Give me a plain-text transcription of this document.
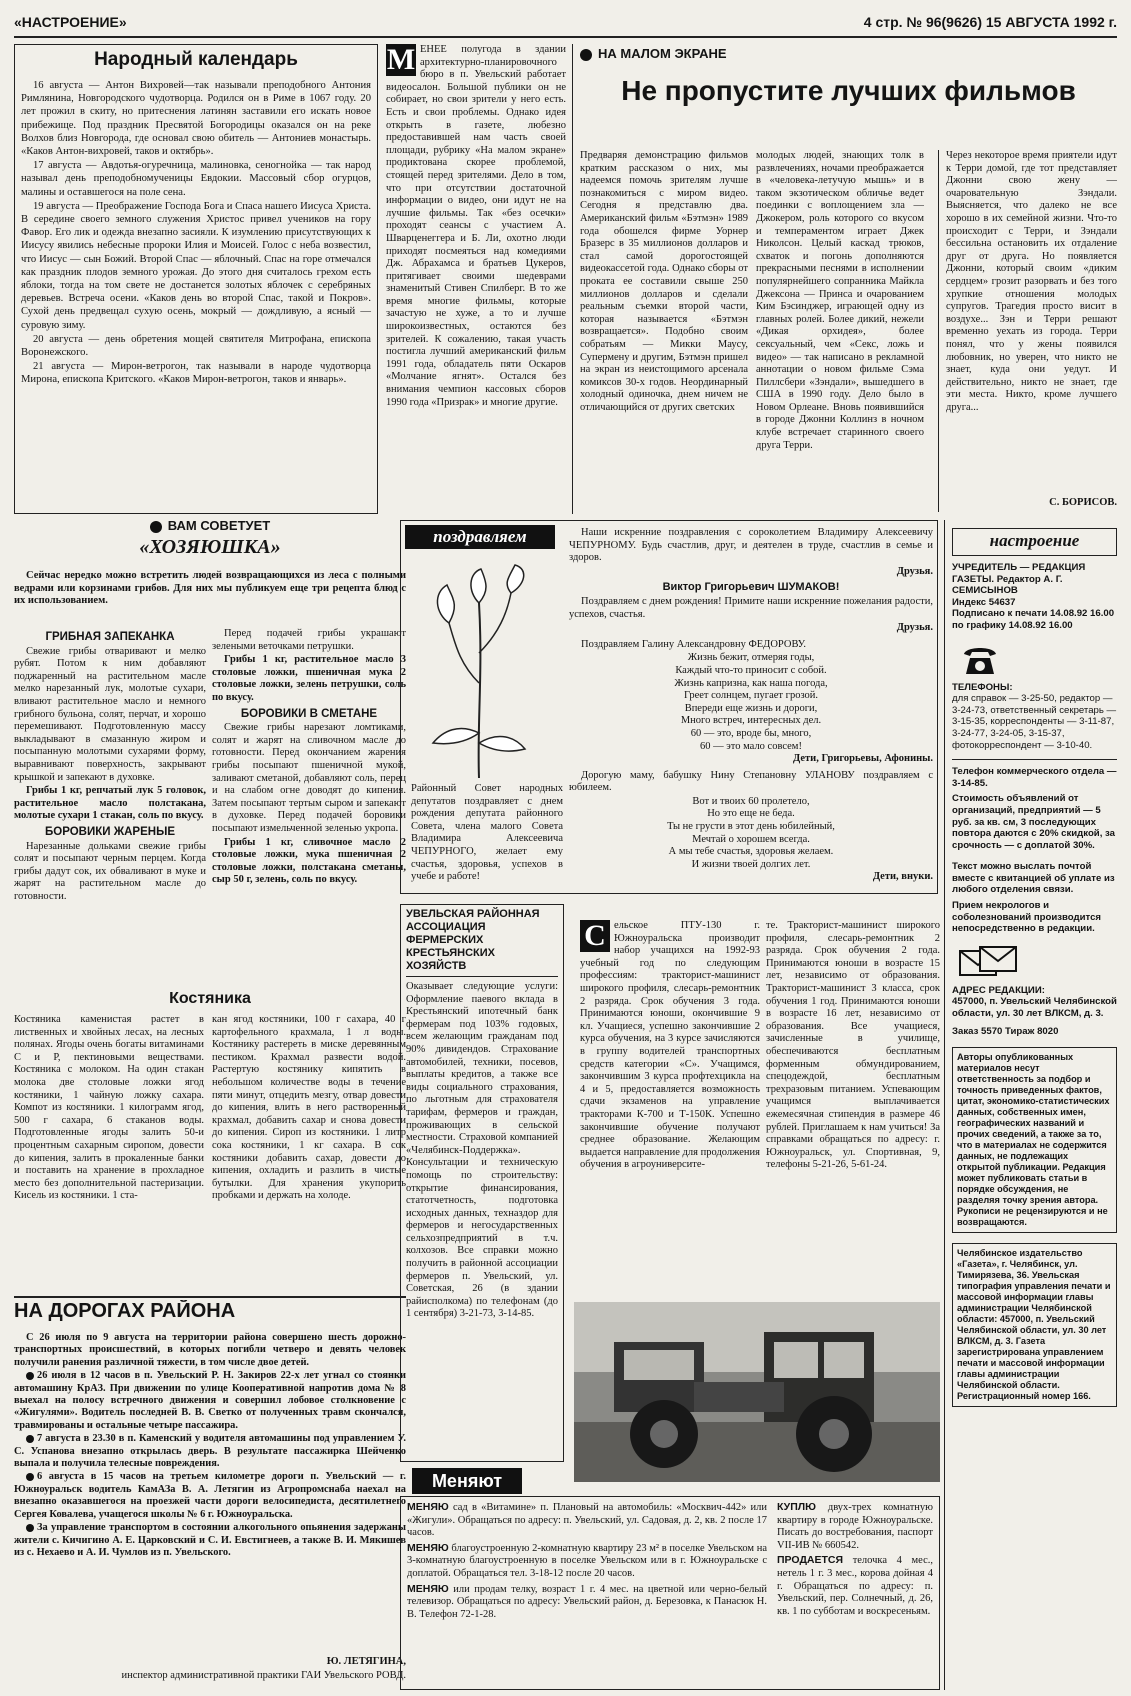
«НАСТРОЕНИЕ»	4 стр. № 96(9626) 15 АВГУСТА 1992 г.
Народный календарь

16 августа — Антон Вихровей—так называли преподобного Антония Римлянина, Новгородского чудотворца. Родился он в Риме в 1067 году. 20 лет прожил в скиту, но притеснения латинян заставили его искать новое прибежище. Под праздник Пресвятой Богородицы оказался он на реке Волхов близ Новгорода, где основал свою обитель — Антониев монастырь. «Каков Антон-вихровей, таков и октябрь».

17 августа — Авдотья-огуречница, малиновка, сеногнойка — так народ называл день преподобномученицы Евдокии. Массовый сбор огурцов, малины и оставшегося на поле сена.

19 августа — Преображение Господа Бога и Спаса нашего Иисуса Христа. В середине своего земного служения Христос привел учеников на гору Фавор. Его лик и одежда внезапно засияли. К изумлению присутствующих к Иисусу явились небесные пророки Илия и Моисей. Голос с неба возвестил, что Иисус — сын Божий. Второй Спас — яблочный. Спас на горе отмечался как праздник плодов земного урожая. До этого дня считалось грехом есть яблоки, тогда на том свете не достанется золотых яблочек с серебряных деревьев. Встреча осени. «Каков день во второй Спас, такой и Покров». Сухой день предвещал сухую осень, мокрый — дождливую, а ясный — суровую зиму.

20 августа — день обретения мощей святителя Митрофана, епископа Воронежского.

21 августа — Мирон-ветрогон, так называли в народе чудотворца Мирона, епископа Критского. «Каков Мирон-ветрогон, таков и январь».

М ЕНЕЕ полугода в здании архитектурно-планировочного бюро в п. Увельский работает видеосалон. Большой публики он не собирает, но свои зрители у него есть. Есть и свои проблемы. Однако идея открыть в газете, любезно предоставившей нам часть своей площади, рубрику «На малом экране» продиктована скорее проблемой, стоящей перед зрителями. Дело в том, что при отсутствии достаточной информации о видео, они идут не на лучшие фильмы. Так «без осечки» проходят сеансы с участием А. Шварценеггера и Б. Ли, охотно люди приходят посмеяться над комедиями Дж. Абрахамса и братьев Цукеров, притягивает своими шедеврами знаменитый Стивен Спилберг. В то же время многие фильмы, которые зачастую не хуже, а то и лучше широкоизвестных, остаются без зрителей. К сожалению, такая участь постигла лучший американский фильм 1991 года, обладатель пяти Оскаров «Молчание ягнят». Остался без внимания чемпион кассовых сборов 1990 года «Призрак» и многие другие.
НА МАЛОМ ЭКРАНЕ
Не пропустите лучших фильмов
Предваряя демонстрацию фильмов кратким рассказом о них, мы надеемся помочь зрителям лучше познакомиться с миром видео. Сегодня я представлю два. Американский фильм «Бэтмэн» 1989 года обошелся фирме Уорнер Бразерс в 35 миллионов долларов и стал самой дорогостоящей видеокассетой года. Однако сборы от проката ее составили свыше 250 миллионов долларов и сделали реальным съемки второй части, которая называется «Бэтмэн возвращается». Подобно своим собратьям — Микки Маусу, Супермену и другим, Бэтмэн пришел на экран из неистощимого арсенала комиксов 30-х годов. Неординарный холодный одиночка, днем ничем не отличающийся от других светских
молодых людей, знающих толк в развлечениях, ночами преображается в «человека-летучую мышь» и в таком экзотическом обличье ведет поединки с воплощением зла — Джокером, роль которого со вкусом и темпераментом играет Джек Николсон. Целый каскад трюков, схваток и погонь дополняются прекрасными песнями в исполнении популярнейшего сопранника Майкла Джексона — Принса и очарованием Ким Бэсинджер, играющей одну из главных ролей. Более дикий, нежели «Дикая орхидея», более сексуальный, чем «Секс, ложь и видео» — так написано в рекламной аннотации о новом фильме Сэма Пиллсбери «Зэндали», вышедшего в США в 1990 году. Дело было в Новом Орлеане. Вновь появившийся в городе Джонни Коллинз в ночном клубе встречает старинного своего друга Терри.
Через некоторое время приятели идут к Терри домой, где тот представляет Джонни свою жену — очаровательную Зэндали. Выясняется, что далеко не все хорошо в их семейной жизни. Что-то происходит с Терри, и Зэндали бессильна остановить их отдаление друг от друга. Но появляется Джонни, который своим «диким сердцем» грозит разорвать и без того хрупкие отношения молодых супругов. Трагедия просто висит в воздухе... Зэн и Терри решают временно уехать из города. Терри понял, что у жены появился любовник, но уверен, что никто не знает, куда они уедут. И действительно, никто не знает, где эти места. Никто, кроме лучшего друга...
С. БОРИСОВ.
ВАМ СОВЕТУЕТ
«ХОЗЯЮШКА»

Сейчас нередко можно встретить людей возвращающихся из леса с полными ведрами или корзинами грибов. Для них мы публикуем еще три рецепта блюд с их использованием.

ГРИБНАЯ ЗАПЕКАНКА

Свежие грибы отваривают и мелко рубят. Потом к ним добавляют поджаренный на растительном масле мелко нарезанный лук, молотые сухари, вливают растительное масло и немного грибного бульона, солят, перчат, и хорошо перемешивают. Подготовленную массу выкладывают в смазанную жиром и посыпанную молотыми сухарями форму, выравнивают поверхность, закрывают крышкой и запекают в духовке.

Грибы 1 кг, репчатый лук 5 головок, растительное масло полстакана, молотые сухари 1 стакан, соль по вкусу.

БОРОВИКИ ЖАРЕНЫЕ

Нарезанные дольками свежие грибы солят и посыпают черным перцем. Когда грибы дадут сок, их обваливают в муке и жарят на растительном масле до готовности.

Перед подачей грибы украшают зелеными веточками петрушки.

Грибы 1 кг, растительное масло 3 столовые ложки, пшеничная мука 2 столовые ложки, зелень петрушки, соль по вкусу.

БОРОВИКИ В СМЕТАНЕ

Свежие грибы нарезают ломтиками, солят и жарят на сливочном масле до готовности. Перед окончанием жарения грибы посыпают пшеничной мукой, заливают сметаной, добавляют соль, перец и на слабом огне доводят до кипения. Затем посыпают тертым сыром и запекают в духовке. Перед подачей боровики посыпают измельченной зеленью укропа.

Грибы 1 кг, сливочное масло 2 столовые ложки, мука пшеничная 2 столовые ложки, полстакана сметаны, сыр 50 г, зелень, соль по вкусу.

Костяника
Костяника каменистая растет в лиственных и хвойных лесах, на лесных полянах. Ягоды очень богаты витаминами С и Р, пектиновыми веществами. Костяника с молоком. На один стакан молока две столовые ложки ягод костяники, 1 чайную ложку сахара. Компот из костяники. 1 килограмм ягод, 500 г сахара, 6 стаканов воды. Подготовленные ягоды залить 50-и процентным сахарным сиропом, довести до кипения, залить в прокаленные банки и поставить на хранение в прохладное место без дополнительной пастеризации. Кисель из костяники. 1 ста-
кан ягод костяники, 100 г сахара, 40 г картофельного крахмала, 1 л воды. Костянику растереть в миске деревянным пестиком. Крахмал развести водой. Растертую костянику кипятить в небольшом количестве воды в течение пяти минут, отцедить мезгу, отвар довести до кипения, влить в него растворенный крахмал, добавить сахар и снова довести до кипения. Сироп из костяники. 1 литр сока костяники, 1 кг сахара. В сок костяники добавить сахар, довести до кипения, охладить и разлить в чистые бутылки. Для хранения укупорить пробками и держать на холоде.
НА ДОРОГАХ РАЙОНА

С 26 июля по 9 августа на территории района совершено шесть дорожно-транспортных происшествий, в которых погибли четверо и девять человек получили ранения различной тяжести, в том числе двое детей.

26 июля в 12 часов в п. Увельский Р. Н. Закиров 22-х лет угнал со стоянки автомашину КрАЗ. При движении по улице Кооперативной напротив дома № 8 выехал на полосу встречного движения и совершил лобовое столкновение с «Жигулями». Водитель последней В. В. Светко от полученных травм скончался, травмированы и остальные четыре пассажира.

7 августа в 23.30 в п. Каменский у водителя автомашины под управлением У. С. Успанова внезапно открылась дверь. В результате пассажирка Шейченко выпала и получила телесные повреждения.

6 августа в 15 часов на третьем километре дороги п. Увельский — г. Южноуральск водитель КамАЗа В. А. Летягин из Агропромснаба наехал на внезапно оказавшегося на проезжей части дороги велосипедиста, десятилетнего Сергея Ковалева, учащегося школы № 6 г. Южноуральска.

За управление транспортом в состоянии алкогольного опьянения задержаны жители с. Кичигино А. Е. Царковский и С. И. Евстигнеев, а также В. И. Мякишев из с. Нехаево и А. И. Чумлов из п. Увельского.

Ю. ЛЕТЯГИНА,
инспектор административной практики ГАИ Увельского РОВД.
поздравляем
Районный Совет народных депутатов поздравляет с днем рождения депутата районного Совета, члена малого Совета Владимира Алексеевича ЧЕПУРНОГО, желает ему счастья, здоровья, успехов в учебе и работе!

Наши искренние поздравления с сороколетием Владимиру Алексеевичу ЧЕПУРНОМУ. Будь счастлив, друг, и деятелен в труде, счастлив в семье и здоров.

Друзья.
Виктор Григорьевич ШУМАКОВ!

Поздравляем с днем рождения! Примите наши искренние пожелания радости, успехов, счастья.

Друзья.

Поздравляем Галину Александровну ФЕДОРОВУ.

Жизнь бежит, отмеряя годы,
Каждый что-то приносит с собой.
Жизнь капризна, как наша погода,
Греет солнцем, пугает грозой.
Впереди еще жизнь и дороги,
Много встреч, интересных дел.
60 — это, вроде бы, много,
60 — это мало совсем!
Дети, Григорьевы, Афонины.

Дорогую маму, бабушку Нину Степановну УЛАНОВУ поздравляем с юбилеем.

Вот и твоих 60 пролетело,
Но это еще не беда.
Ты не грусти в этот день юбилейный,
Мечтай о хорошем всегда.
А мы тебе счастья, здоровья желаем.
И жизни твоей долгих лет.
Дети, внуки.
УВЕЛЬСКАЯ РАЙОННАЯ АССОЦИАЦИЯ ФЕРМЕРСКИХ КРЕСТЬЯНСКИХ ХОЗЯЙСТВ
Оказывает следующие услуги: Оформление паевого вклада в Крестьянский ипотечный банк фермерам под 103% годовых, всем желающим гражданам под 90% дивидендов. Страхование автомобилей, техники, посевов, выплаты кредитов, а также все виды социального страхования, по льготным для страхователя тарифам, фермеров и граждан, проживающих в сельской местности. Страховой компанией «Челябинск-Поддержка». Консультации и техническую помощь по строительству: открытие финансирования, статотчетность, подготовка исходных данных, техназдор для фермеров и негосударственных сельхозпредприятий в т.ч. колхозов. Все справки можно получить в районной ассоциации фермеров п. Увельский, ул. Советская, 26 (в здании райисполкома) по телефонам (до 1 сентября) 3-21-73, 3-14-85.
С ельское ПТУ-130 г. Южноуральска производит набор учащихся на 1992-93 учебный год по следующим профессиям: тракторист-машинист широкого профиля, слесарь-ремонтник 2 разряда. Срок обучения 3 года. Принимаются юноши, окончившие 9 кл. Учащиеся, успешно закончившие 2 курса обучения, на 3 курсе зачисляются в группу водителей транспортных средств категории «С». Учащимся, закончившим 3 курса профтехцикла на 4 и 5, предоставляется возможность сдачи экзаменов на управление тракторами К-700 и Т-150К. Успешно закончившие обучение получают среднее образование. Желающим выдается направление для продолжения обучения в агроуниверсите-
те. Тракторист-машинист широкого профиля, слесарь-ремонтник 2 разряда. Срок обучения 2 года. Принимаются юноши в возрасте 15 лет, независимо от образования. Тракторист-машинист 3 класса, срок обучения 1 год. Принимаются юноши в возрасте 16 лет, независимо от образования. Все учащиеся, зачисленные в училище, обеспечиваются бесплатным форменным обмундированием, спецодеждой, бесплатным трехразовым питанием. Успевающим учащимся выплачивается ежемесячная стипендия в размере 46 рублей. Приглашаем к нам учиться! За справками обращаться по адресу: г. Южноуральск, ул. Спортивная, 9, телефоны 5-21-26, 5-61-24.
Меняют

МЕНЯЮ сад в «Витамине» п. Плановый на автомобиль: «Москвич-442» или «Жигули». Обращаться по адресу: п. Увельский, ул. Садовая, д. 2, кв. 2 после 17 часов.

МЕНЯЮ благоустроенную 2-комнатную квартиру 23 м² в поселке Увельском на 3-комнатную благоустроенную в поселке Увельском или в г. Южноуральске с доплатой. Обращаться тел. 3-18-12 после 20 часов.

МЕНЯЮ или продам телку, возраст 1 г. 4 мес. на цветной или черно-белый телевизор. Обращаться по адресу: Увельский район, д. Березовка, к Панасюк Н. В. Телефон 72-1-28.

КУПЛЮ двух-трех комнатную квартиру в городе Южноуральске. Писать до востребования, паспорт VII-ИВ № 660542.

ПРОДАЕТСЯ телочка 4 мес., нетель 1 г. 3 мес., корова дойная 4 г. Обращаться по адресу: п. Увельский, пер. Солнечный, д. 26, кв. 1 по субботам и воскресеньям.

настроение
УЧРЕДИТЕЛЬ — РЕДАКЦИЯ ГАЗЕТЫ. Редактор А. Г. СЕМИСЫНОВ
Индекс 54637
Подписано к печати 14.08.92 16.00
по графику 14.08.92 16.00
ТЕЛЕФОНЫ:
для справок — 3-25-50, редактор — 3-24-73, ответственный секретарь — 3-15-35, корреспонденты — 3-11-87, 3-24-77, 3-24-05, 3-15-37, фотокорреспондент — 3-10-40.
Телефон коммерческого отдела — 3-14-85.
Стоимость объявлений от организаций, предприятий — 5 руб. за кв. см, 3 последующих повтора даются с 20% скидкой, за срочность — с доплатой 30%.
Текст можно выслать почтой вместе с квитанцией об уплате из любого отделения связи.
Прием некрологов и соболезнований производится непосредственно в редакции.
АДРЕС РЕДАКЦИИ:
457000, п. Увельский Челябинской области, ул. 30 лет ВЛКСМ, д. 3.
Заказ 5570 Тираж 8020
Авторы опубликованных материалов несут ответственность за подбор и точность приведенных фактов, цитат, экономико-статистических данных, собственных имен, географических названий и прочих сведений, а также за то, что в материалах не содержится данных, не подлежащих открытой публикации. Редакция может публиковать статьи в порядке обсуждения, не разделяя точку зрения автора. Рукописи не рецензируются и не возвращаются.
Челябинское издательство «Газета», г. Челябинск, ул. Тимирязева, 36. Увельская типография управления печати и массовой информации главы администрации Челябинской области: 457000, п. Увельский Челябинской области, ул. 30 лет ВЛКСМ, д. 3. Газета зарегистрирована управлением печати и массовой информации главы администрации Челябинской области. Регистрационный номер 166.
